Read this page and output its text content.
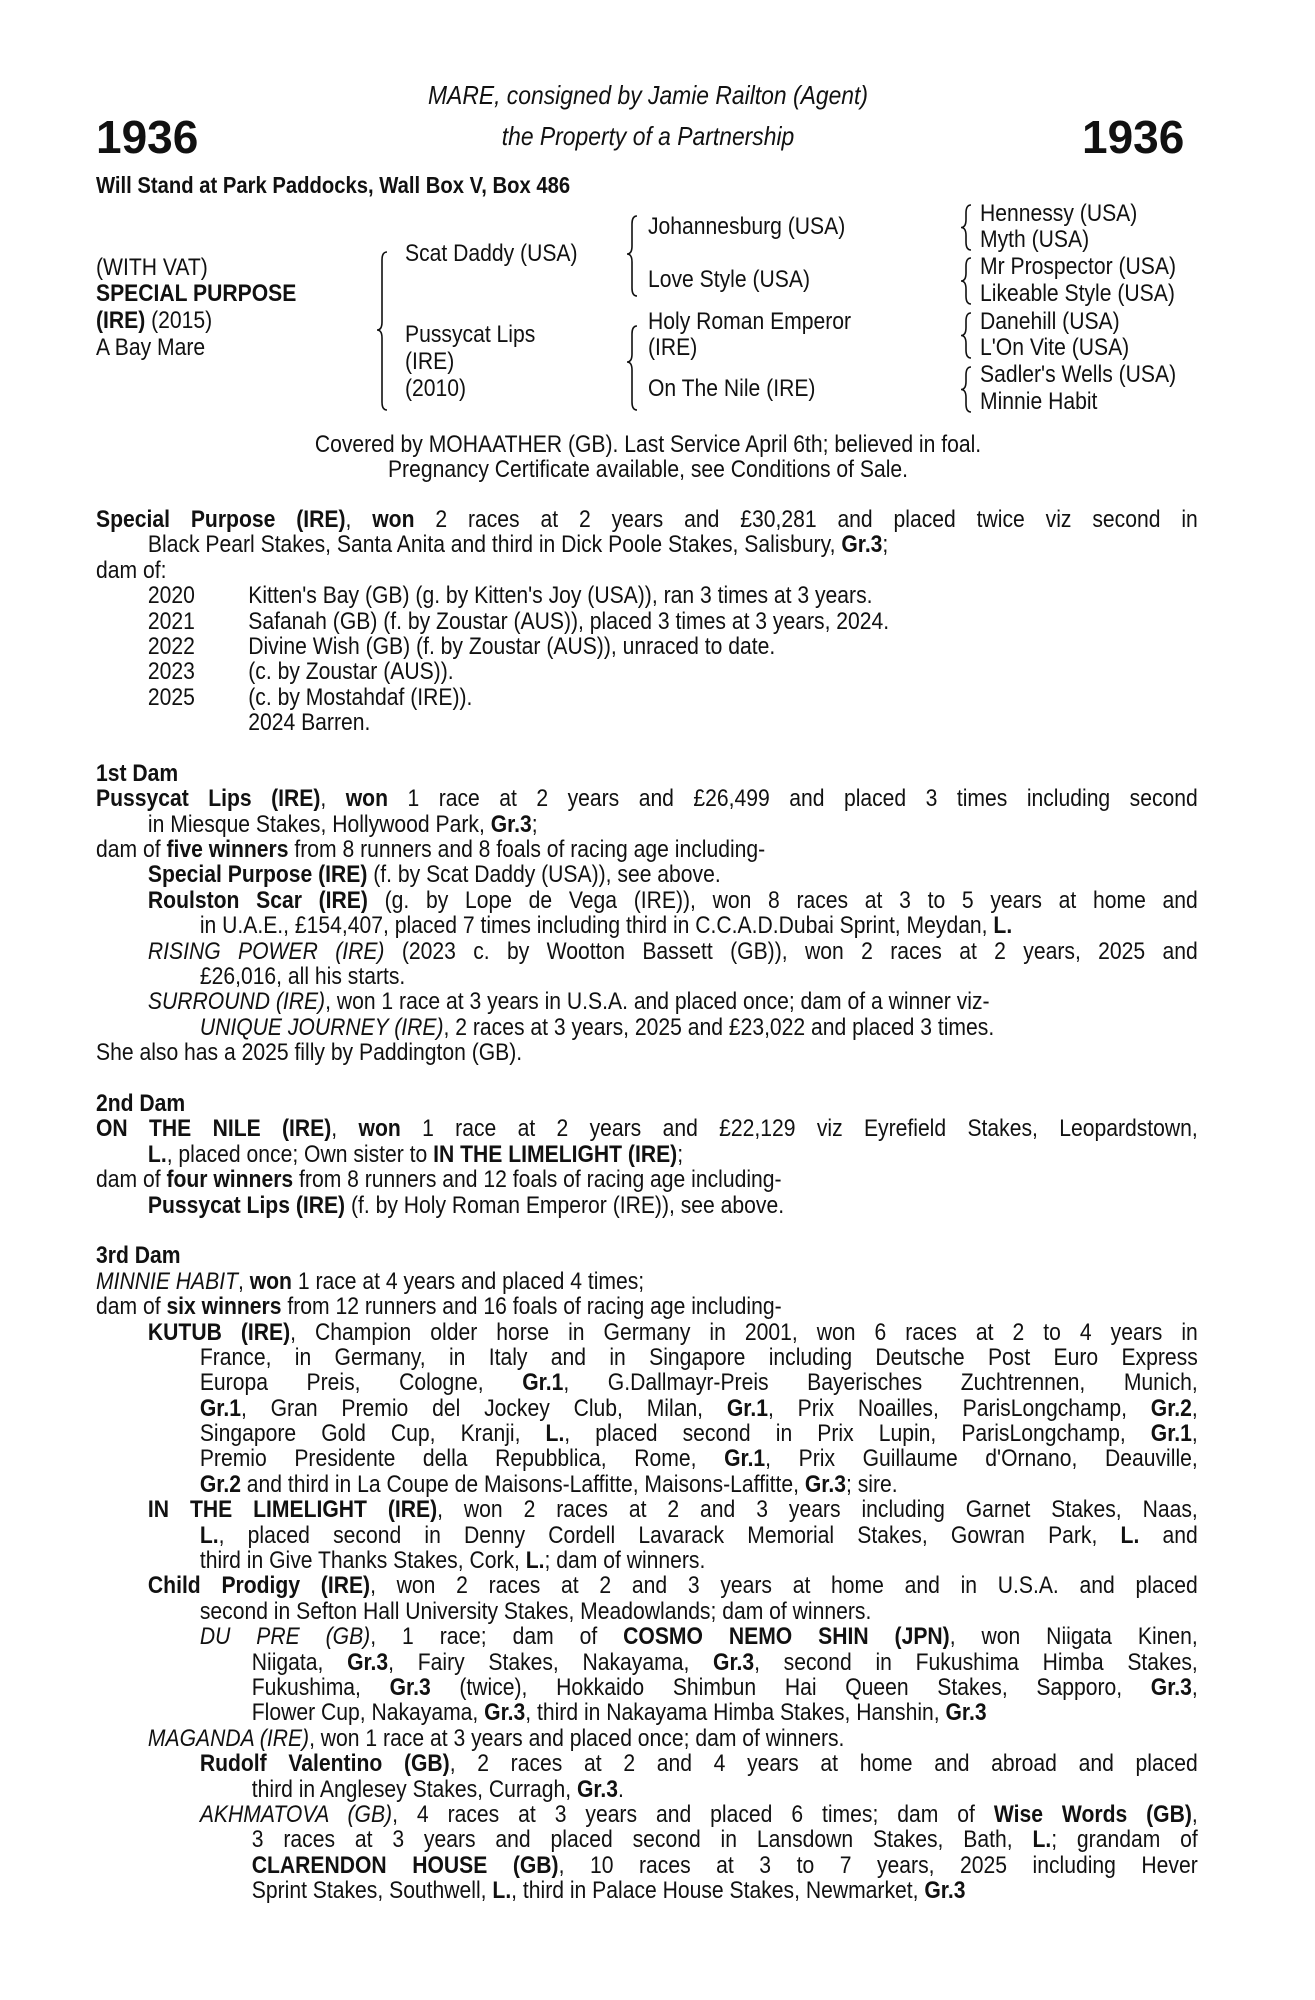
1936	1936
MARE, consigned by Jamie Railton (Agent)
the Property of a Partnership
Will Stand at Park Paddocks, Wall Box V, Box 486
(WITH VAT)
SPECIAL PURPOSE
(IRE) (2015)
A Bay Mare
Scat Daddy (USA)
Pussycat Lips
(IRE)
(2010)
Johannesburg (USA)
Love Style (USA)
Holy Roman Emperor
(IRE)
On The Nile (IRE)
Hennessy (USA)
Myth (USA)
Mr Prospector (USA)
Likeable Style (USA)
Danehill (USA)
L'On Vite (USA)
Sadler's Wells (USA)
Minnie Habit
Covered by MOHAATHER (GB). Last Service April 6th; believed in foal.
Pregnancy Certificate available, see Conditions of Sale.
Special Purpose (IRE), won 2 races at 2 years and £30,281 and placed twice viz second in
Black Pearl Stakes, Santa Anita and third in Dick Poole Stakes, Salisbury, Gr.3;
dam of:
2020	Kitten's Bay (GB) (g. by Kitten's Joy (USA)), ran 3 times at 3 years.
2021	Safanah (GB) (f. by Zoustar (AUS)), placed 3 times at 3 years, 2024.
2022	Divine Wish (GB) (f. by Zoustar (AUS)), unraced to date.
2023	(c. by Zoustar (AUS)).
2025	(c. by Mostahdaf (IRE)).
2024 Barren.
1st Dam
Pussycat Lips (IRE), won 1 race at 2 years and £26,499 and placed 3 times including second
in Miesque Stakes, Hollywood Park, Gr.3;
dam of five winners from 8 runners and 8 foals of racing age including-
Special Purpose (IRE) (f. by Scat Daddy (USA)), see above.
Roulston Scar (IRE) (g. by Lope de Vega (IRE)), won 8 races at 3 to 5 years at home and
in U.A.E., £154,407, placed 7 times including third in C.C.A.D.Dubai Sprint, Meydan, L.
RISING POWER (IRE) (2023 c. by Wootton Bassett (GB)), won 2 races at 2 years, 2025 and
£26,016, all his starts.
SURROUND (IRE), won 1 race at 3 years in U.S.A. and placed once; dam of a winner viz-
UNIQUE JOURNEY (IRE), 2 races at 3 years, 2025 and £23,022 and placed 3 times.
She also has a 2025 filly by Paddington (GB).
2nd Dam
ON THE NILE (IRE), won 1 race at 2 years and £22,129 viz Eyrefield Stakes, Leopardstown,
L., placed once; Own sister to IN THE LIMELIGHT (IRE);
dam of four winners from 8 runners and 12 foals of racing age including-
Pussycat Lips (IRE) (f. by Holy Roman Emperor (IRE)), see above.
3rd Dam
MINNIE HABIT, won 1 race at 4 years and placed 4 times;
dam of six winners from 12 runners and 16 foals of racing age including-
KUTUB (IRE), Champion older horse in Germany in 2001, won 6 races at 2 to 4 years in
France, in Germany, in Italy and in Singapore including Deutsche Post Euro Express
Europa Preis, Cologne, Gr.1, G.Dallmayr-Preis Bayerisches Zuchtrennen, Munich,
Gr.1, Gran Premio del Jockey Club, Milan, Gr.1, Prix Noailles, ParisLongchamp, Gr.2,
Singapore Gold Cup, Kranji, L., placed second in Prix Lupin, ParisLongchamp, Gr.1,
Premio Presidente della Repubblica, Rome, Gr.1, Prix Guillaume d'Ornano, Deauville,
Gr.2 and third in La Coupe de Maisons-Laffitte, Maisons-Laffitte, Gr.3; sire.
IN THE LIMELIGHT (IRE), won 2 races at 2 and 3 years including Garnet Stakes, Naas,
L., placed second in Denny Cordell Lavarack Memorial Stakes, Gowran Park, L. and
third in Give Thanks Stakes, Cork, L.; dam of winners.
Child Prodigy (IRE), won 2 races at 2 and 3 years at home and in U.S.A. and placed
second in Sefton Hall University Stakes, Meadowlands; dam of winners.
DU PRE (GB), 1 race; dam of COSMO NEMO SHIN (JPN), won Niigata Kinen,
Niigata, Gr.3, Fairy Stakes, Nakayama, Gr.3, second in Fukushima Himba Stakes,
Fukushima, Gr.3 (twice), Hokkaido Shimbun Hai Queen Stakes, Sapporo, Gr.3,
Flower Cup, Nakayama, Gr.3, third in Nakayama Himba Stakes, Hanshin, Gr.3
MAGANDA (IRE), won 1 race at 3 years and placed once; dam of winners.
Rudolf Valentino (GB), 2 races at 2 and 4 years at home and abroad and placed
third in Anglesey Stakes, Curragh, Gr.3.
AKHMATOVA (GB), 4 races at 3 years and placed 6 times; dam of Wise Words (GB),
3 races at 3 years and placed second in Lansdown Stakes, Bath, L.; grandam of
CLARENDON HOUSE (GB), 10 races at 3 to 7 years, 2025 including Hever
Sprint Stakes, Southwell, L., third in Palace House Stakes, Newmarket, Gr.3
